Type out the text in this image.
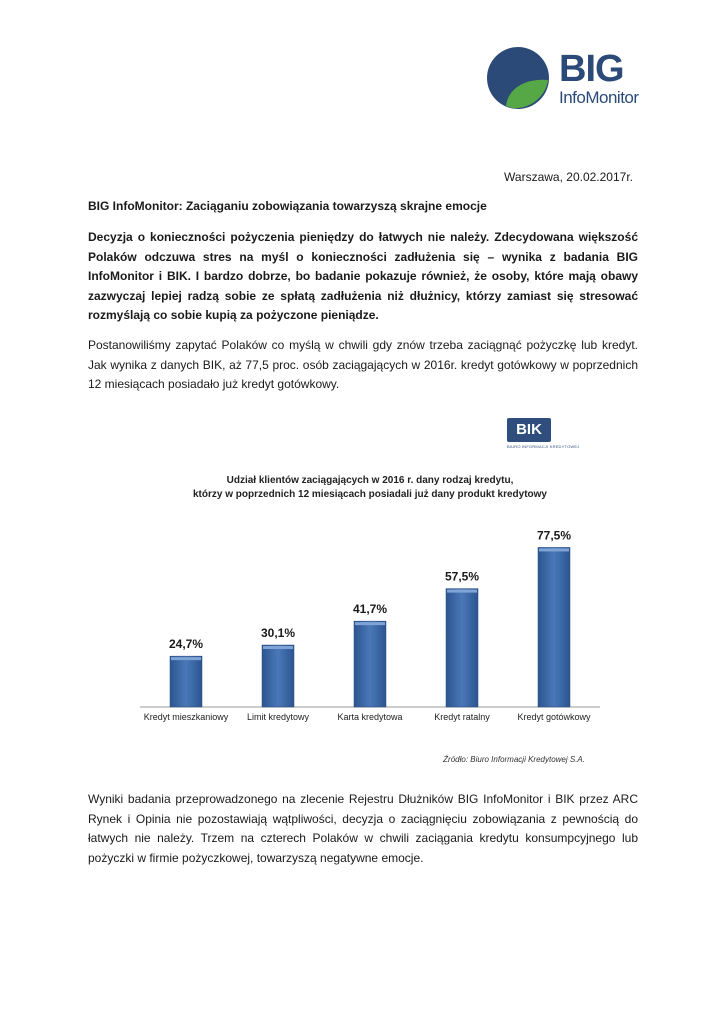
BIG
InfoMonitor
Warszawa, 20.02.2017r.
BIG InfoMonitor: Zaciąganiu zobowiązania towarzyszą skrajne emocje
Decyzja o konieczności pożyczenia pieniędzy do łatwych nie należy. Zdecydowana większość Polaków odczuwa stres na myśl o konieczności zadłużenia się – wynika z badania BIG InfoMonitor i BIK. I bardzo dobrze, bo badanie pokazuje również, że osoby, które mają obawy zazwyczaj lepiej radzą sobie ze spłatą zadłużenia niż dłużnicy, którzy zamiast się stresować rozmyślają co sobie kupią za pożyczone pieniądze.
Postanowiliśmy zapytać Polaków co myślą w chwili gdy znów trzeba zaciągnąć pożyczkę lub kredyt. Jak wynika z danych BIK, aż 77,5 proc. osób zaciągających w 2016r. kredyt gotówkowy w poprzednich 12 miesiącach posiadało już kredyt gotówkowy.
BIK
BIURO INFORMACJI KREDYTOWEJ
Udział klientów zaciągających w 2016 r. dany rodzaj kredytu,
którzy w poprzednich 12 miesiącach posiadali już dany produkt kredytowy
24,7%
Kredyt mieszkaniowy
30,1%
Limit kredytowy
41,7%
Karta kredytowa
57,5%
Kredyt ratalny
77,5%
Kredyt gotówkowy
Źródło: Biuro Informacji Kredytowej S.A.
Wyniki badania przeprowadzonego na zlecenie Rejestru Dłużników BIG InfoMonitor i BIK przez ARC Rynek i Opinia nie pozostawiają wątpliwości, decyzja o zaciągnięciu zobowiązania z pewnością do łatwych nie należy. Trzem na czterech Polaków w chwili zaciągania kredytu konsumpcyjnego lub pożyczki w firmie pożyczkowej, towarzyszą negatywne emocje.
